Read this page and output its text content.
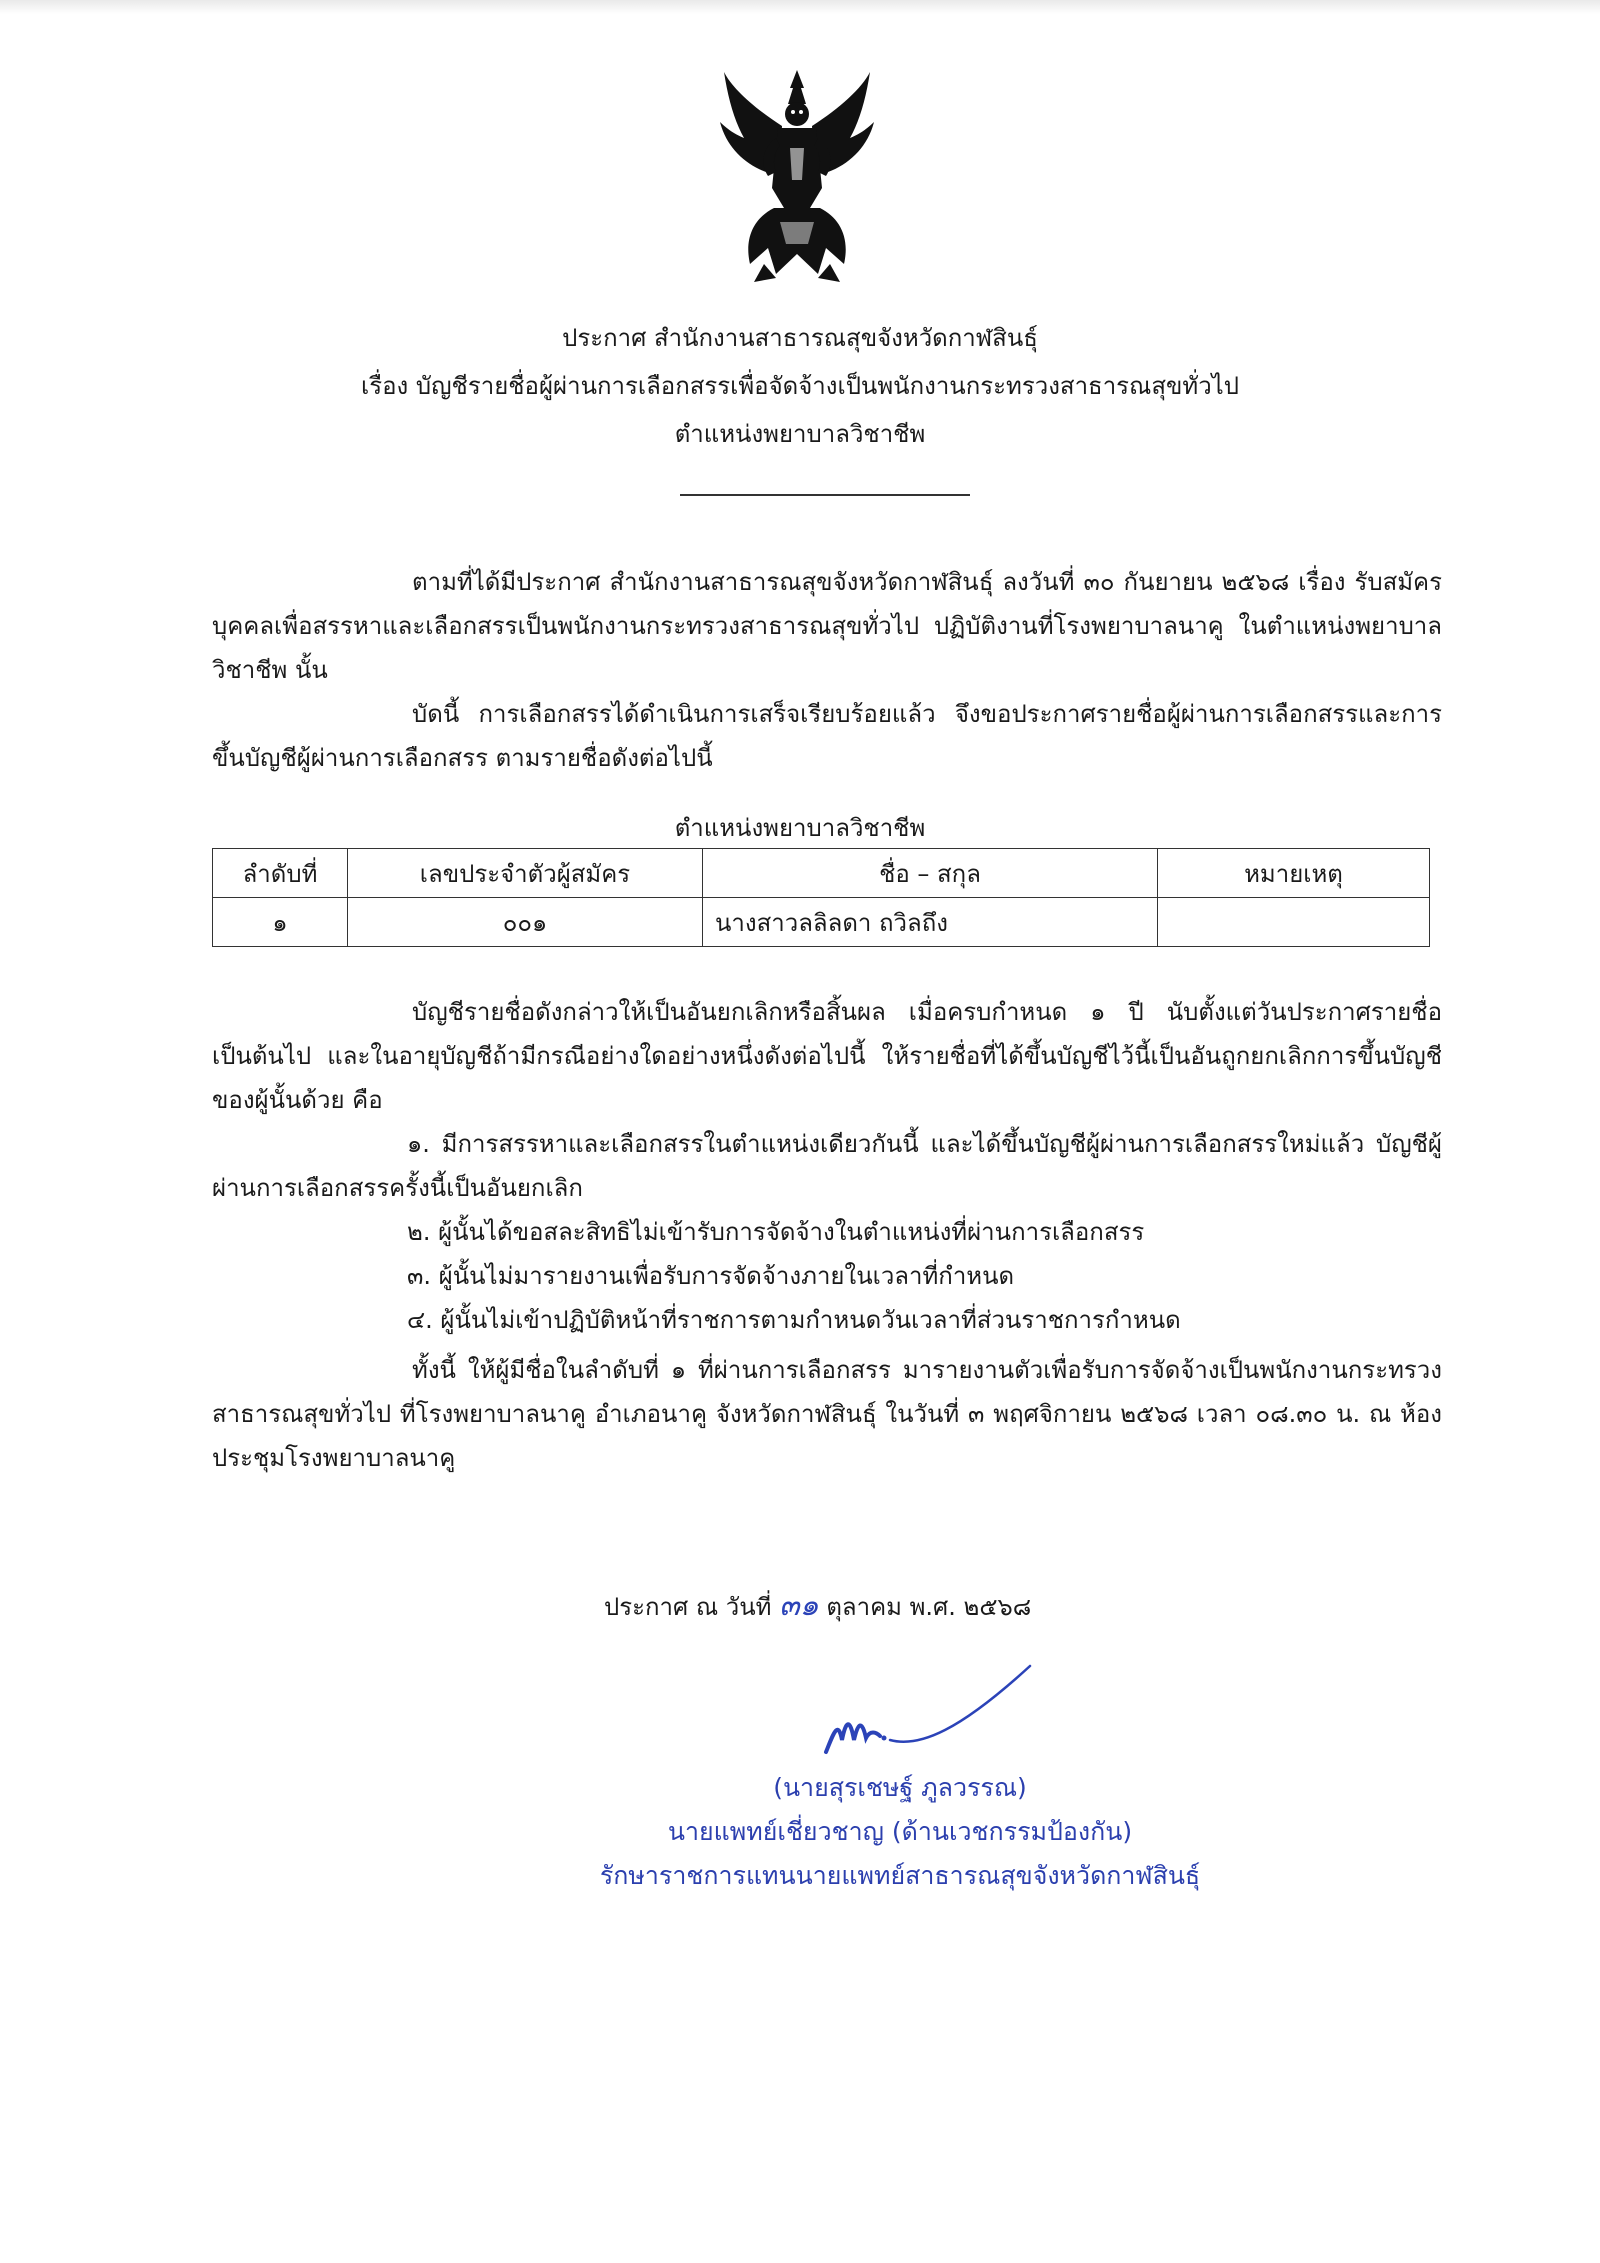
ประกาศ สำนักงานสาธารณสุขจังหวัดกาฬสินธุ์
เรื่อง บัญชีรายชื่อผู้ผ่านการเลือกสรรเพื่อจัดจ้างเป็นพนักงานกระทรวงสาธารณสุขทั่วไป
ตำแหน่งพยาบาลวิชาชีพ

ตามที่ได้มีประกาศ สำนักงานสาธารณสุขจังหวัดกาฬสินธุ์ ลงวันที่ ๓๐ กันยายน ๒๕๖๘ เรื่อง รับสมัครบุคคลเพื่อสรรหาและเลือกสรรเป็นพนักงานกระทรวงสาธารณสุขทั่วไป ปฏิบัติงานที่โรงพยาบาลนาคู ในตำแหน่งพยาบาลวิชาชีพ นั้น

บัดนี้ การเลือกสรรได้ดำเนินการเสร็จเรียบร้อยแล้ว จึงขอประกาศรายชื่อผู้ผ่านการเลือกสรรและการขึ้นบัญชีผู้ผ่านการเลือกสรร ตามรายชื่อดังต่อไปนี้

ตำแหน่งพยาบาลวิชาชีพ
ลำดับที่	เลขประจำตัวผู้สมัคร	ชื่อ – สกุล	หมายเหตุ
๑	๐๐๑	นางสาวลลิลดา ถวิลถึง	

บัญชีรายชื่อดังกล่าวให้เป็นอันยกเลิกหรือสิ้นผล เมื่อครบกำหนด ๑ ปี นับตั้งแต่วันประกาศรายชื่อเป็นต้นไป และในอายุบัญชีถ้ามีกรณีอย่างใดอย่างหนึ่งดังต่อไปนี้ ให้รายชื่อที่ได้ขึ้นบัญชีไว้นี้เป็นอันถูกยกเลิกการขึ้นบัญชีของผู้นั้นด้วย คือ

๑. มีการสรรหาและเลือกสรรในตำแหน่งเดียวกันนี้ และได้ขึ้นบัญชีผู้ผ่านการเลือกสรรใหม่แล้ว บัญชีผู้ผ่านการเลือกสรรครั้งนี้เป็นอันยกเลิก

๒. ผู้นั้นได้ขอสละสิทธิไม่เข้ารับการจัดจ้างในตำแหน่งที่ผ่านการเลือกสรร

๓. ผู้นั้นไม่มารายงานเพื่อรับการจัดจ้างภายในเวลาที่กำหนด

๔. ผู้นั้นไม่เข้าปฏิบัติหน้าที่ราชการตามกำหนดวันเวลาที่ส่วนราชการกำหนด

ทั้งนี้ ให้ผู้มีชื่อในลำดับที่ ๑ ที่ผ่านการเลือกสรร มารายงานตัวเพื่อรับการจัดจ้างเป็นพนักงานกระทรวงสาธารณสุขทั่วไป ที่โรงพยาบาลนาคู อำเภอนาคู จังหวัดกาฬสินธุ์ ในวันที่ ๓ พฤศจิกายน ๒๕๖๘ เวลา ๐๘.๓๐ น. ณ ห้องประชุมโรงพยาบาลนาคู

ประกาศ ณ วันที่ ๓๑ ตุลาคม พ.ศ. ๒๕๖๘
(นายสุรเชษฐ์ ภูลวรรณ)
นายแพทย์เชี่ยวชาญ (ด้านเวชกรรมป้องกัน)
รักษาราชการแทนนายแพทย์สาธารณสุขจังหวัดกาฬสินธุ์
